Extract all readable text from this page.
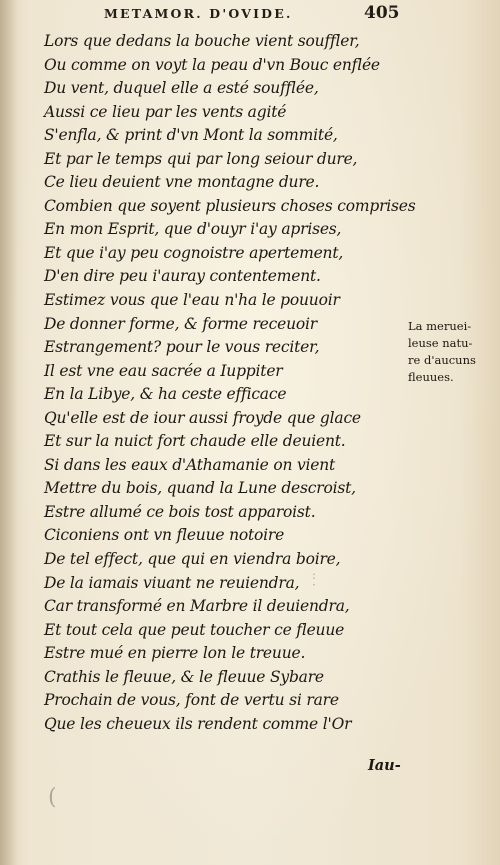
METAMOR. D'OVIDE.	405
Lors que dedans la bouche vient souffler,
Ou comme on voyt la peau d'vn Bouc enflée
Du vent, duquel elle a esté soufflée,
Aussi ce lieu par les vents agité
S'enfla, & print d'vn Mont la sommité,
Et par le temps qui par long seiour dure,
Ce lieu deuient vne montagne dure.
Combien que soyent plusieurs choses comprises
En mon Esprit, que d'ouyr i'ay aprises,
Et que i'ay peu cognoistre apertement,
D'en dire peu i'auray contentement.
Estimez vous que l'eau n'ha le pouuoir
De donner forme, & forme receuoir
Estrangement? pour le vous reciter,
Il est vne eau sacrée a Iuppiter
En la Libye, & ha ceste efficace
Qu'elle est de iour aussi froyde que glace
Et sur la nuict fort chaude elle deuient.
Si dans les eaux d'Athamanie on vient
Mettre du bois, quand la Lune descroist,
Estre allumé ce bois tost apparoist.
Ciconiens ont vn fleuue notoire
De tel effect, que qui en viendra boire,
De la iamais viuant ne reuiendra,
Car transformé en Marbre il deuiendra,
Et tout cela que peut toucher ce fleuue
Estre mué en pierre lon le treuue.
Crathis le fleuue, & le fleuue Sybare
Prochain de vous, font de vertu si rare
Que les cheueux ils rendent comme l'Or
La meruei-
leuse natu-
re d'aucuns
fleuues.
Iau-
:
·
(
